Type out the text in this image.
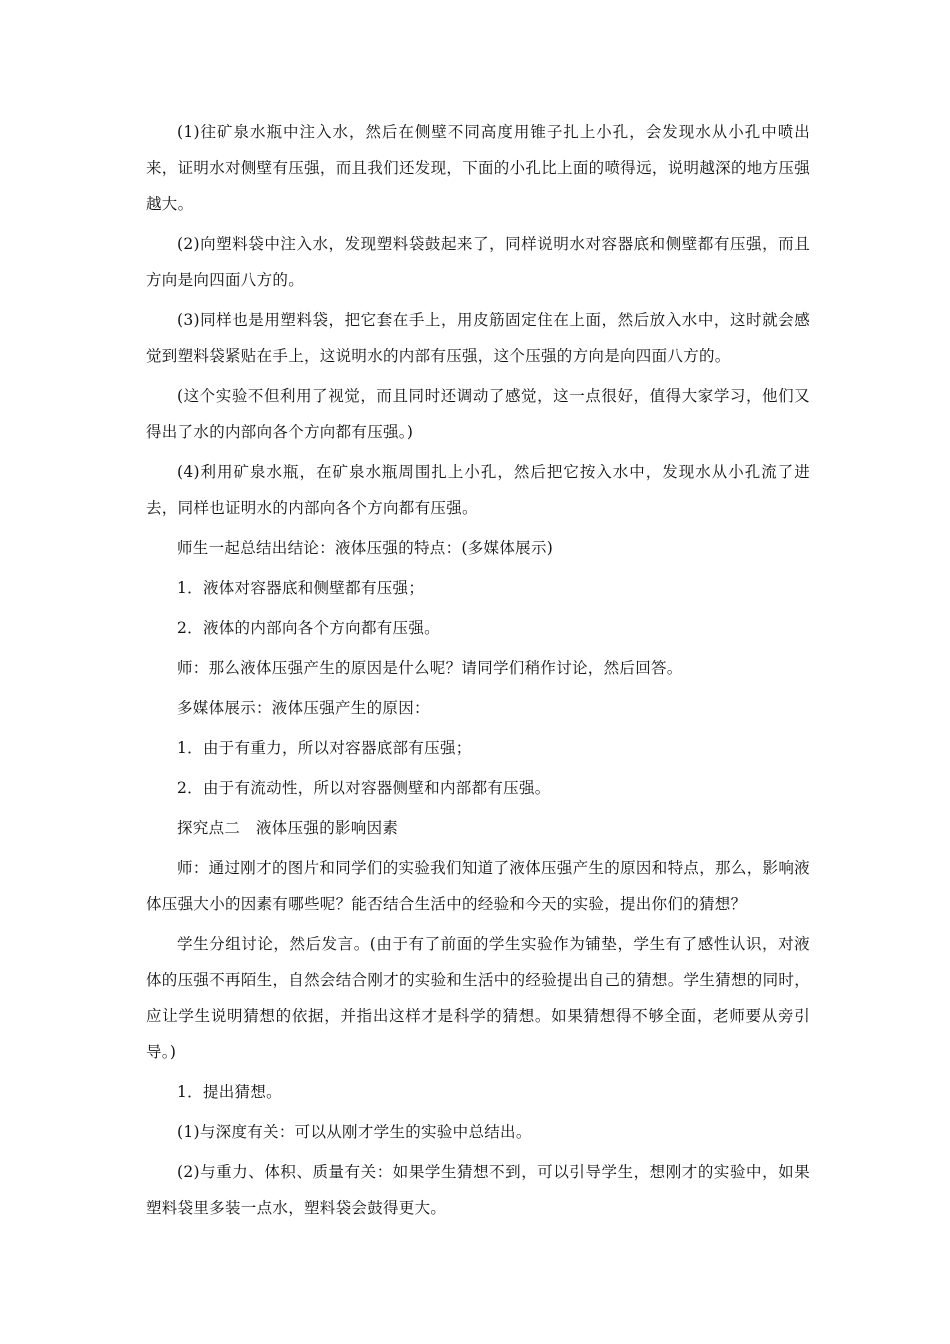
(1)往矿泉水瓶中注入水，然后在侧壁不同高度用锥子扎上小孔，会发现水从小孔中喷出来，证明水对侧壁有压强，而且我们还发现，下面的小孔比上面的喷得远，说明越深的地方压强越大。

(2)向塑料袋中注入水，发现塑料袋鼓起来了，同样说明水对容器底和侧壁都有压强，而且方向是向四面八方的。

(3)同样也是用塑料袋，把它套在手上，用皮筋固定住在上面，然后放入水中，这时就会感觉到塑料袋紧贴在手上，这说明水的内部有压强，这个压强的方向是向四面八方的。

(这个实验不但利用了视觉，而且同时还调动了感觉，这一点很好，值得大家学习，他们又得出了水的内部向各个方向都有压强。)

(4)利用矿泉水瓶，在矿泉水瓶周围扎上小孔，然后把它按入水中，发现水从小孔流了进去，同样也证明水的内部向各个方向都有压强。

师生一起总结出结论：液体压强的特点：(多媒体展示)

1．液体对容器底和侧壁都有压强；

2．液体的内部向各个方向都有压强。

师：那么液体压强产生的原因是什么呢？请同学们稍作讨论，然后回答。

多媒体展示：液体压强产生的原因：

1．由于有重力，所以对容器底部有压强；

2．由于有流动性，所以对容器侧壁和内部都有压强。

探究点二　液体压强的影响因素

师：通过刚才的图片和同学们的实验我们知道了液体压强产生的原因和特点，那么，影响液体压强大小的因素有哪些呢？能否结合生活中的经验和今天的实验，提出你们的猜想？

学生分组讨论，然后发言。(由于有了前面的学生实验作为铺垫，学生有了感性认识，对液体的压强不再陌生，自然会结合刚才的实验和生活中的经验提出自己的猜想。学生猜想的同时，应让学生说明猜想的依据，并指出这样才是科学的猜想。如果猜想得不够全面，老师要从旁引导。)

1．提出猜想。

(1)与深度有关：可以从刚才学生的实验中总结出。

(2)与重力、体积、质量有关：如果学生猜想不到，可以引导学生，想刚才的实验中，如果塑料袋里多装一点水，塑料袋会鼓得更大。
